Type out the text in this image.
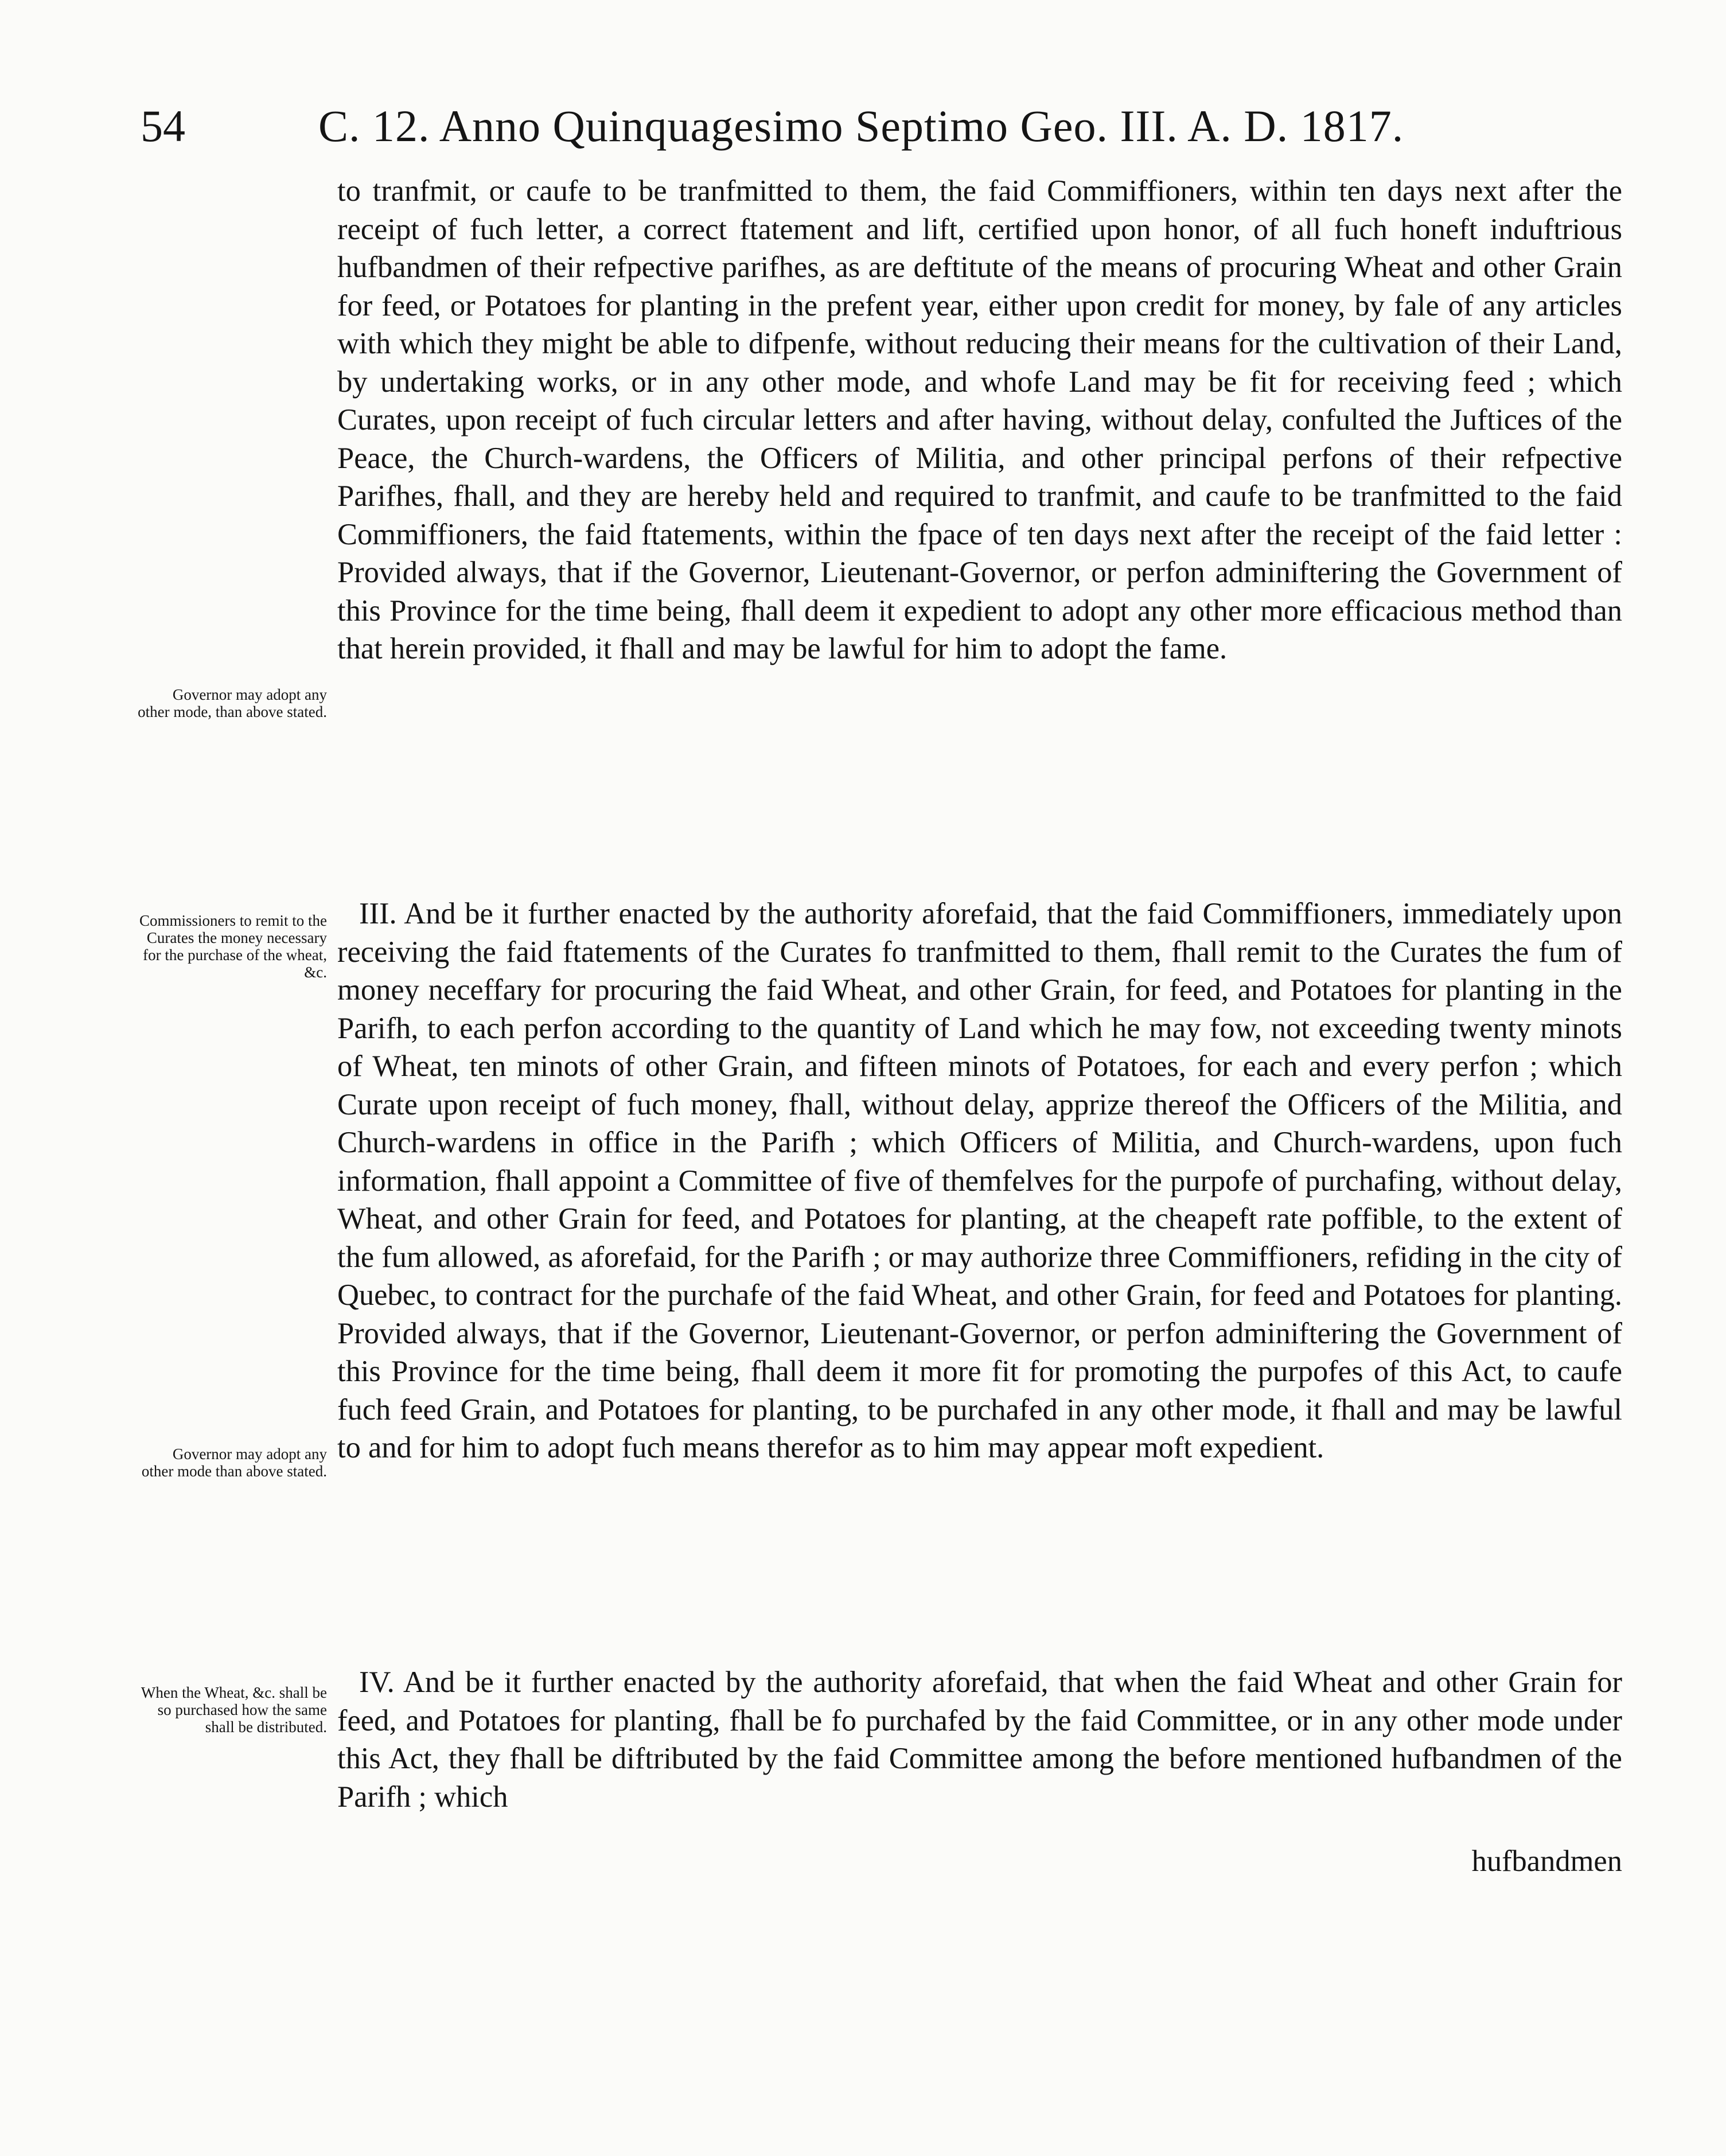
54	C. 12. Anno Quinquagesimo Septimo Geo. III. A. D. 1817.
Governor may adopt any other mode, than above stated.
Commissioners to remit to the Curates the money necessary for the purchase of the wheat, &c.
Governor may adopt any other mode than above stated.
When the Wheat, &c. shall be so purchased how the same shall be distributed.

to tranfmit, or caufe to be tranfmitted to them, the faid Commiffioners, within ten days next after the receipt of fuch letter, a correct ftatement and lift, certified upon honor, of all fuch honeft induftrious hufbandmen of their refpective parifhes, as are deftitute of the means of procuring Wheat and other Grain for feed, or Potatoes for planting in the prefent year, either upon credit for money, by fale of any articles with which they might be able to difpenfe, without reducing their means for the cultivation of their Land, by undertaking works, or in any other mode, and whofe Land may be fit for receiving feed ; which Curates, upon receipt of fuch circular letters and after having, without delay, confulted the Juftices of the Peace, the Church-wardens, the Officers of Militia, and other principal perfons of their refpective Parifhes, fhall, and they are hereby held and required to tranfmit, and caufe to be tranfmitted to the faid Commiffioners, the faid ftatements, within the fpace of ten days next after the receipt of the faid letter : Provided always, that if the Governor, Lieutenant-Governor, or perfon adminiftering the Government of this Province for the time being, fhall deem it expedient to adopt any other more efficacious method than that herein provided, it fhall and may be lawful for him to adopt the fame.

III. And be it further enacted by the authority aforefaid, that the faid Commiffioners, immediately upon receiving the faid ftatements of the Curates fo tranfmitted to them, fhall remit to the Curates the fum of money neceffary for procuring the faid Wheat, and other Grain, for feed, and Potatoes for planting in the Parifh, to each perfon according to the quantity of Land which he may fow, not exceeding twenty minots of Wheat, ten minots of other Grain, and fifteen minots of Potatoes, for each and every perfon ; which Curate upon receipt of fuch money, fhall, without delay, apprize thereof the Officers of the Militia, and Church-wardens in office in the Parifh ; which Officers of Militia, and Church-wardens, upon fuch information, fhall appoint a Committee of five of themfelves for the purpofe of purchafing, without delay, Wheat, and other Grain for feed, and Potatoes for planting, at the cheapeft rate poffible, to the extent of the fum allowed, as aforefaid, for the Parifh ; or may authorize three Commiffioners, refiding in the city of Quebec, to contract for the purchafe of the faid Wheat, and other Grain, for feed and Potatoes for planting. Provided always, that if the Governor, Lieutenant-Governor, or perfon adminiftering the Government of this Province for the time being, fhall deem it more fit for promoting the purpofes of this Act, to caufe fuch feed Grain, and Potatoes for planting, to be purchafed in any other mode, it fhall and may be lawful to and for him to adopt fuch means therefor as to him may appear moft expedient.

IV. And be it further enacted by the authority aforefaid, that when the faid Wheat and other Grain for feed, and Potatoes for planting, fhall be fo purchafed by the faid Committee, or in any other mode under this Act, they fhall be diftributed by the faid Committee among the before mentioned hufbandmen of the Parifh ; which

hufbandmen
